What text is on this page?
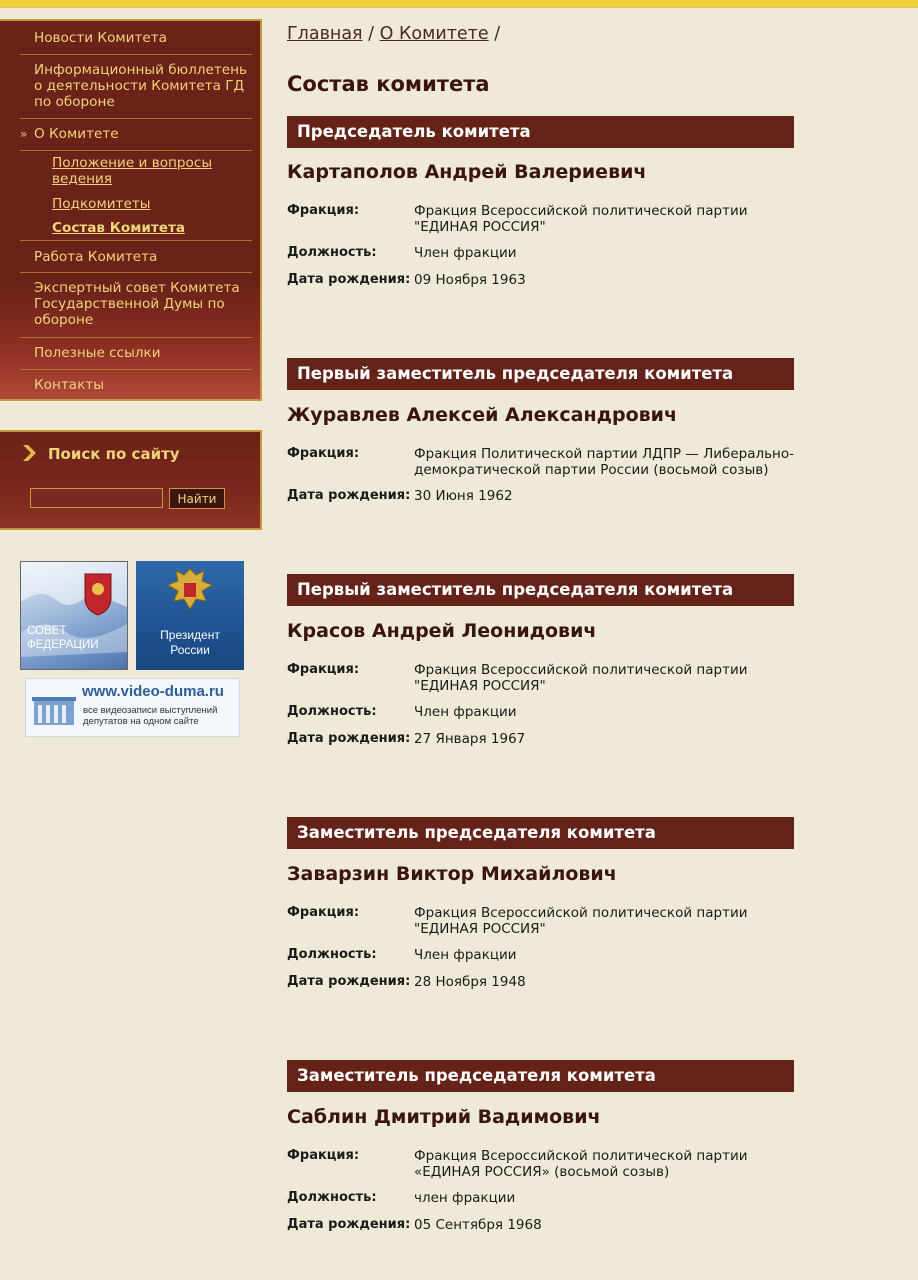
Новости Комитета
Информационный бюллетень о деятельности Комитета ГД по обороне
» О Комитете
Положение и вопросы ведения
Подкомитеты
Состав Комитета
Работа Комитета
Экспертный совет Комитета Государственной Думы по обороне
Полезные ссылки
Контакты
Поиск по сайту
Найти
СОВЕТ ФЕДЕРАЦИИ
Президент России
www.video-duma.ru
все видеозаписи выступлений депутатов на одном сайте
Главная / О Комитете /
Состав комитета
Председатель комитета
Картаполов Андрей Валериевич
Фракция:	Фракция Всероссийской политической партии "ЕДИНАЯ РОССИЯ"
Должность:	Член фракции
Дата рождения: 09 Ноября 1963
Первый заместитель председателя комитета
Журавлев Алексей Александрович
Фракция:	Фракция Политической партии ЛДПР — Либерально-демократической партии России (восьмой созыв)
Дата рождения: 30 Июня 1962
Первый заместитель председателя комитета
Красов Андрей Леонидович
Фракция:	Фракция Всероссийской политической партии "ЕДИНАЯ РОССИЯ"
Должность:	Член фракции
Дата рождения: 27 Января 1967
Заместитель председателя комитета
Заварзин Виктор Михайлович
Фракция:	Фракция Всероссийской политической партии "ЕДИНАЯ РОССИЯ"
Должность:	Член фракции
Дата рождения: 28 Ноября 1948
Заместитель председателя комитета
Саблин Дмитрий Вадимович
Фракция:	Фракция Всероссийской политической партии «ЕДИНАЯ РОССИЯ» (восьмой созыв)
Должность:	член фракции
Дата рождения: 05 Сентября 1968
